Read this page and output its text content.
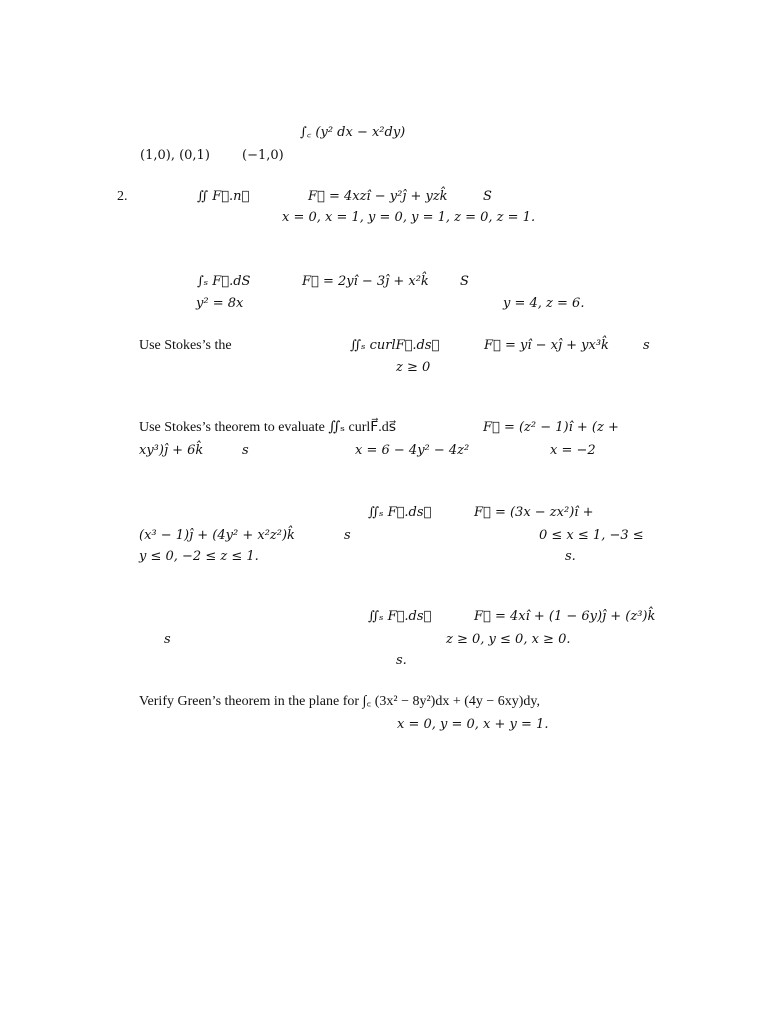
∫꜀ (y² dx − x²dy)
(1,0), (0,1) (−1,0)
2.	∬ F⃗.n⃗	F⃗ = 4xzî − y²ĵ + yzk̂	S
x = 0, x = 1, y = 0, y = 1, z = 0, z = 1.
∫ₛ F⃗.dS	F⃗ = 2yî − 3ĵ + x²k̂ S
y² = 8x	y = 4, z = 6.
Use Stokes’s the	∬ₛ curlF⃗.ds⃗	F⃗ = yî − xĵ + yx³k̂	s
z ≥ 0
Use Stokes’s theorem to evaluate ∬ₛ curlF⃗.ds⃗	F⃗ = (z² − 1)î + (z +
xy³)ĵ + 6k̂	s	x = 6 − 4y² − 4z²	x = −2
∬ₛ F⃗.ds⃗	F⃗ = (3x − zx²)î +
(x³ − 1)ĵ + (4y² + x²z²)k̂	s	0 ≤ x ≤ 1, −3 ≤
y ≤ 0, −2 ≤ z ≤ 1.	s.
∬ₛ F⃗.ds⃗	F⃗ = 4xî + (1 − 6y)ĵ + (z³)k̂
s	z ≥ 0, y ≤ 0, x ≥ 0.
s.
Verify Green’s theorem in the plane for ∫꜀ (3x² − 8y²)dx + (4y − 6xy)dy,
x = 0, y = 0, x + y = 1.
